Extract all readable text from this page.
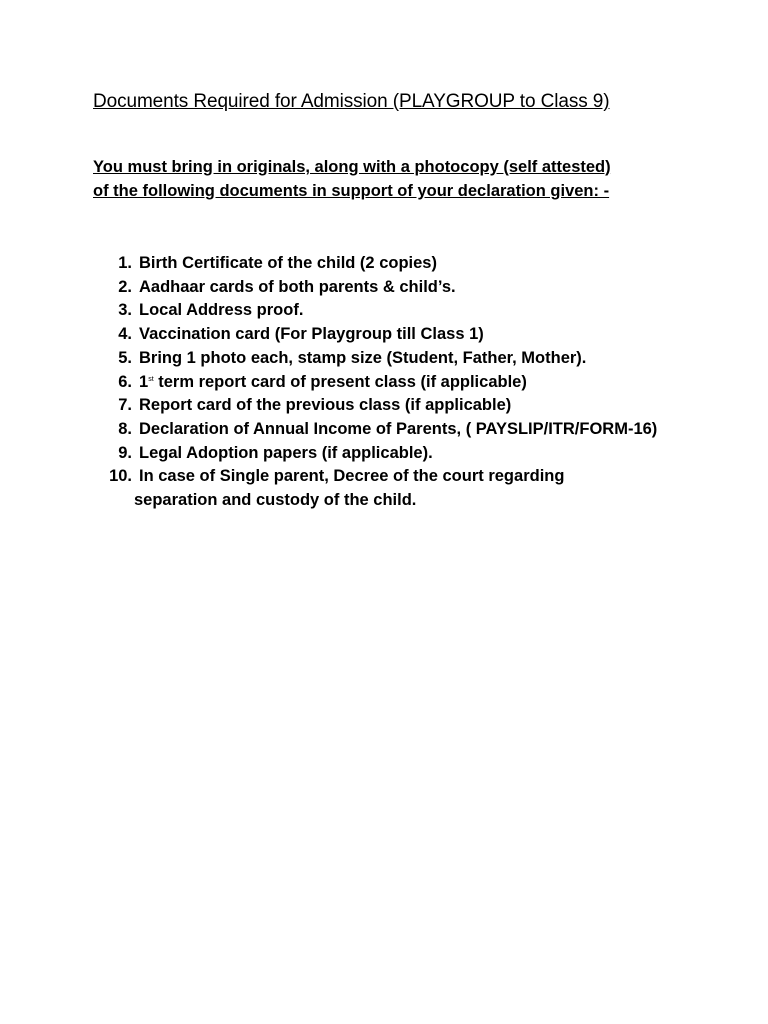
Documents Required for Admission (PLAYGROUP to Class 9)
You must bring in originals, along with a photocopy (self attested)
of the following documents in support of your declaration given: -
1. Birth Certificate of the child (2 copies)
2. Aadhaar cards of both parents & child’s.
3. Local Address proof.
4. Vaccination card (For Playgroup till Class 1)
5. Bring 1 photo each, stamp size (Student, Father, Mother).
6. 1st term report card of present class (if applicable)
7. Report card of the previous class (if applicable)
8. Declaration of Annual Income of Parents, ( PAYSLIP/ITR/FORM-16)
9. Legal Adoption papers (if applicable).
10. In case of Single parent, Decree of the court regarding
separation and custody of the child.
